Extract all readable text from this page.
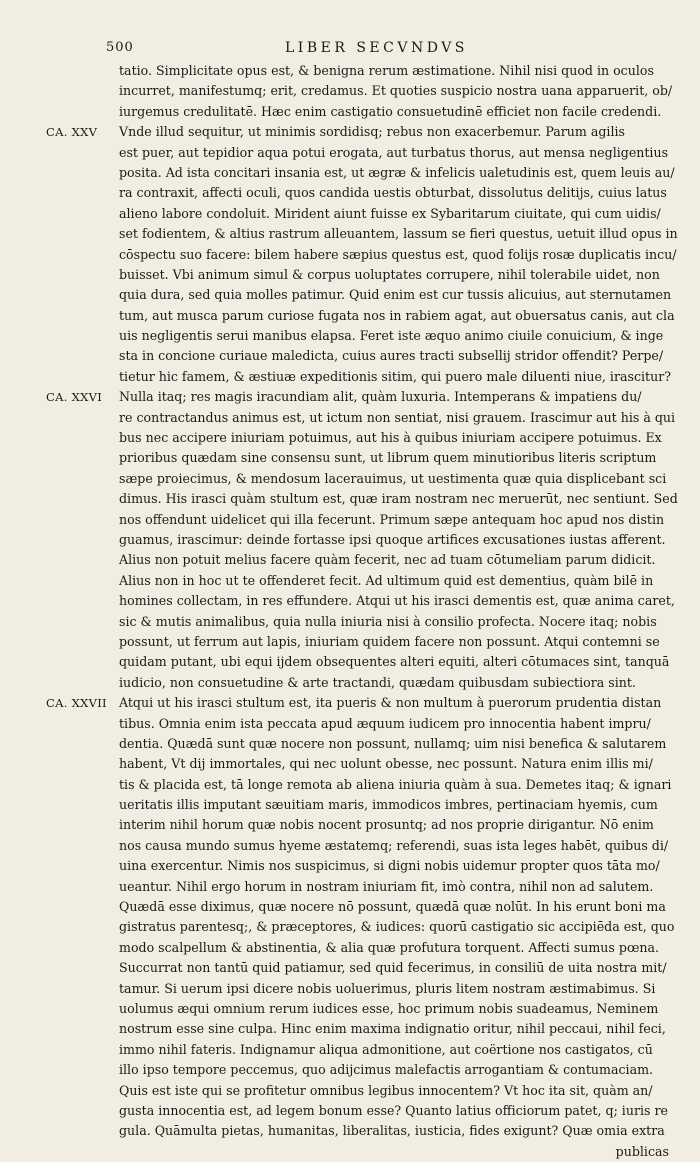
500	LIBER SECVNDVS
tatio. Simplicitate opus est, & benigna rerum æstimatione. Nihil nisi quod in oculos
incurret, manifestumq; erit, credamus. Et quoties suspicio nostra uana apparuerit, ob/
iurgemus credulitatē. Hæc enim castigatio consuetudinē efficiet non facile credendi.
CA. XXV Vnde illud sequitur, ut minimis sordidisq; rebus non exacerbemur. Parum agilis
est puer, aut tepidior aqua potui erogata, aut turbatus thorus, aut mensa negligentius
posita. Ad ista concitari insania est, ut ægræ & infelicis ualetudinis est, quem leuis au/
ra contraxit, affecti oculi, quos candida uestis obturbat, dissolutus delitijs, cuius latus
alieno labore condoluit. Mirident aiunt fuisse ex Sybaritarum ciuitate, qui cum uidis/
set fodientem, & altius rastrum alleuantem, lassum se fieri questus, uetuit illud opus in
cōspectu suo facere: bilem habere sæpius questus est, quod folijs rosæ duplicatis incu/
buisset. Vbi animum simul & corpus uoluptates corrupere, nihil tolerabile uidet, non
quia dura, sed quia molles patimur. Quid enim est cur tussis alicuius, aut sternutamen
tum, aut musca parum curiose fugata nos in rabiem agat, aut obuersatus canis, aut cla
uis negligentis serui manibus elapsa. Feret iste æquo animo ciuile conuicium, & inge
sta in concione curiaue maledicta, cuius aures tracti subsellij stridor offendit? Perpe/
tietur hic famem, & æstiuæ expeditionis sitim, qui puero male diluenti niue, irascitur?
CA. XXVI Nulla itaq; res magis iracundiam alit, quàm luxuria. Intemperans & impatiens du/
re contractandus animus est, ut ictum non sentiat, nisi grauem. Irascimur aut his à qui
bus nec accipere iniuriam potuimus, aut his à quibus iniuriam accipere potuimus. Ex
prioribus quædam sine consensu sunt, ut librum quem minutioribus literis scriptum
sæpe proiecimus, & mendosum lacerauimus, ut uestimenta quæ quia displicebant sci
dimus. His irasci quàm stultum est, quæ iram nostram nec meruerūt, nec sentiunt. Sed
nos offendunt uidelicet qui illa fecerunt. Primum sæpe antequam hoc apud nos distin
guamus, irascimur: deinde fortasse ipsi quoque artifices excusationes iustas afferent.
Alius non potuit melius facere quàm fecerit, nec ad tuam cōtumeliam parum didicit.
Alius non in hoc ut te offenderet fecit. Ad ultimum quid est dementius, quàm bilē in
homines collectam, in res effundere. Atqui ut his irasci dementis est, quæ anima caret,
sic & mutis animalibus, quia nulla iniuria nisi à consilio profecta. Nocere itaq; nobis
possunt, ut ferrum aut lapis, iniuriam quidem facere non possunt. Atqui contemni se
quidam putant, ubi equi ijdem obsequentes alteri equiti, alteri cōtumaces sint, tanquā
iudicio, non consuetudine & arte tractandi, quædam quibusdam subiectiora sint.
CA. XXVII Atqui ut his irasci stultum est, ita pueris & non multum à puerorum prudentia distan
tibus. Omnia enim ista peccata apud æquum iudicem pro innocentia habent impru/
dentia. Quædā sunt quæ nocere non possunt, nullamq; uim nisi benefica & salutarem
habent, Vt dij immortales, qui nec uolunt obesse, nec possunt. Natura enim illis mi/
tis & placida est, tā longe remota ab aliena iniuria quàm à sua. Demetes itaq; & ignari
ueritatis illis imputant sæuitiam maris, immodicos imbres, pertinaciam hyemis, cum
interim nihil horum quæ nobis nocent prosuntq; ad nos proprie dirigantur. Nō enim
nos causa mundo sumus hyeme æstatemq; referendi, suas ista leges habēt, quibus di/
uina exercentur. Nimis nos suspicimus, si digni nobis uidemur propter quos tāta mo/
ueantur. Nihil ergo horum in nostram iniuriam fit, imò contra, nihil non ad salutem.
Quædā esse diximus, quæ nocere nō possunt, quædā quæ nolūt. In his erunt boni ma
gistratus parentesq;, & præceptores, & iudices: quorū castigatio sic accipiēda est, quo
modo scalpellum & abstinentia, & alia quæ profutura torquent. Affecti sumus pœna.
Succurrat non tantū quid patiamur, sed quid fecerimus, in consiliū de uita nostra mit/
tamur. Si uerum ipsi dicere nobis uoluerimus, pluris litem nostram æstimabimus. Si
uolumus æqui omnium rerum iudices esse, hoc primum nobis suadeamus, Neminem
nostrum esse sine culpa. Hinc enim maxima indignatio oritur, nihil peccaui, nihil feci,
immo nihil fateris. Indignamur aliqua admonitione, aut coërtione nos castigatos, cū
illo ipso tempore peccemus, quo adijcimus malefactis arrogantiam & contumaciam.
Quis est iste qui se profitetur omnibus legibus innocentem? Vt hoc ita sit, quàm an/
gusta innocentia est, ad legem bonum esse? Quanto latius officiorum patet, q; iuris re
gula. Quāmulta pietas, humanitas, liberalitas, iusticia, fides exigunt? Quæ omia extra
publicas
